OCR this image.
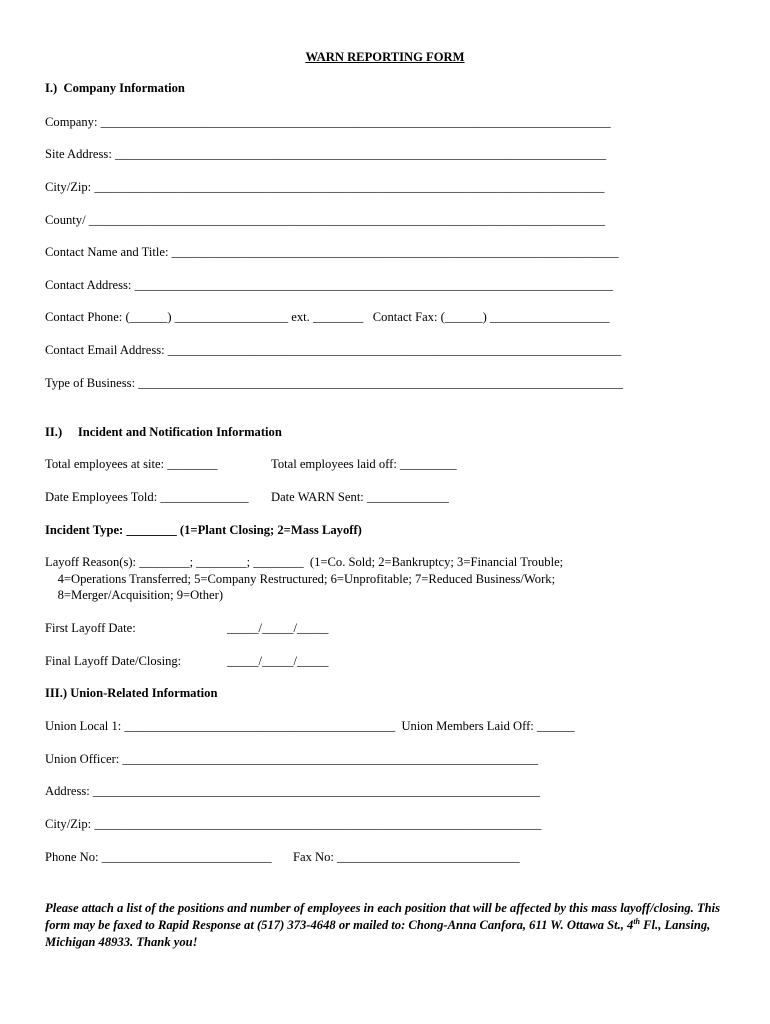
WARN REPORTING FORM
I.)  Company Information
Company: _________________________________________________________________________________
Site Address: ______________________________________________________________________________
City/Zip: _________________________________________________________________________________
County/ __________________________________________________________________________________
Contact Name and Title: _______________________________________________________________________
Contact Address: ____________________________________________________________________________
Contact Phone: (______) __________________ ext. ________   Contact Fax: (______) ___________________
Contact Email Address: ________________________________________________________________________
Type of Business: _____________________________________________________________________________
II.)     Incident and Notification Information
Total employees at site: ________	Total employees laid off: _________
Date Employees Told: ______________ Date WARN Sent: _____________
Incident Type: ________ (1=Plant Closing; 2=Mass Layoff)
Layoff Reason(s): ________; ________; ________  (1=Co. Sold; 2=Bankruptcy; 3=Financial Trouble;
4=Operations Transferred; 5=Company Restructured; 6=Unprofitable; 7=Reduced Business/Work;
8=Merger/Acquisition; 9=Other)
First Layoff Date:	_____/_____/_____
Final Layoff Date/Closing:	_____/_____/_____
III.) Union-Related Information
Union Local 1: ___________________________________________  Union Members Laid Off: ______
Union Officer: __________________________________________________________________
Address: _______________________________________________________________________
City/Zip: _______________________________________________________________________
Phone No: ___________________________ Fax No: _____________________________
Please attach a list of the positions and number of employees in each position that will be affected by this mass layoff/closing. This form may be faxed to Rapid Response at (517) 373-4648 or mailed to: Chong-Anna Canfora, 611 W. Ottawa St., 4th Fl., Lansing, Michigan 48933. Thank you!
